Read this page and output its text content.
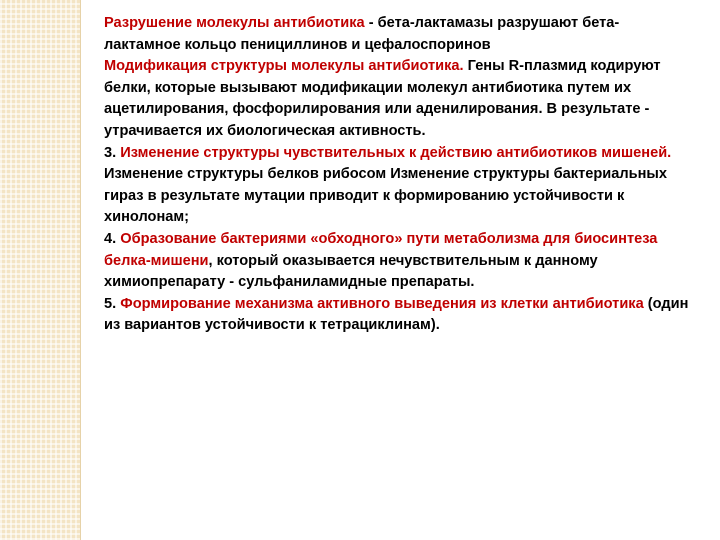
Разрушение молекулы антибиотика - бета-лактамазы разрушают бета-лактамное кольцо пенициллинов и цефалоспоринов

Модификация структуры молекулы антибиотика. Гены R-плазмид кодируют белки, которые вызывают модификации молекул антибиотика путем их ацетилирования, фосфорилирования или аденилирования. В результате - утрачивается их биологическая активность.

3. Изменение структуры чувствительных к действию антибиотиков мишеней. Изменение структуры белков рибосом Изменение структуры бактериальных гираз в результате мутации приводит к формированию устойчивости к хинолонам;

4. Образование бактериями «обходного» пути метаболизма для биосинтеза белка-мишени, который оказывается нечувствительным к данному химиопрепарату - сульфаниламидные препараты.

5. Формирование механизма активного выведения из клетки антибиотика (один из вариантов устойчивости к тетрациклинам).
